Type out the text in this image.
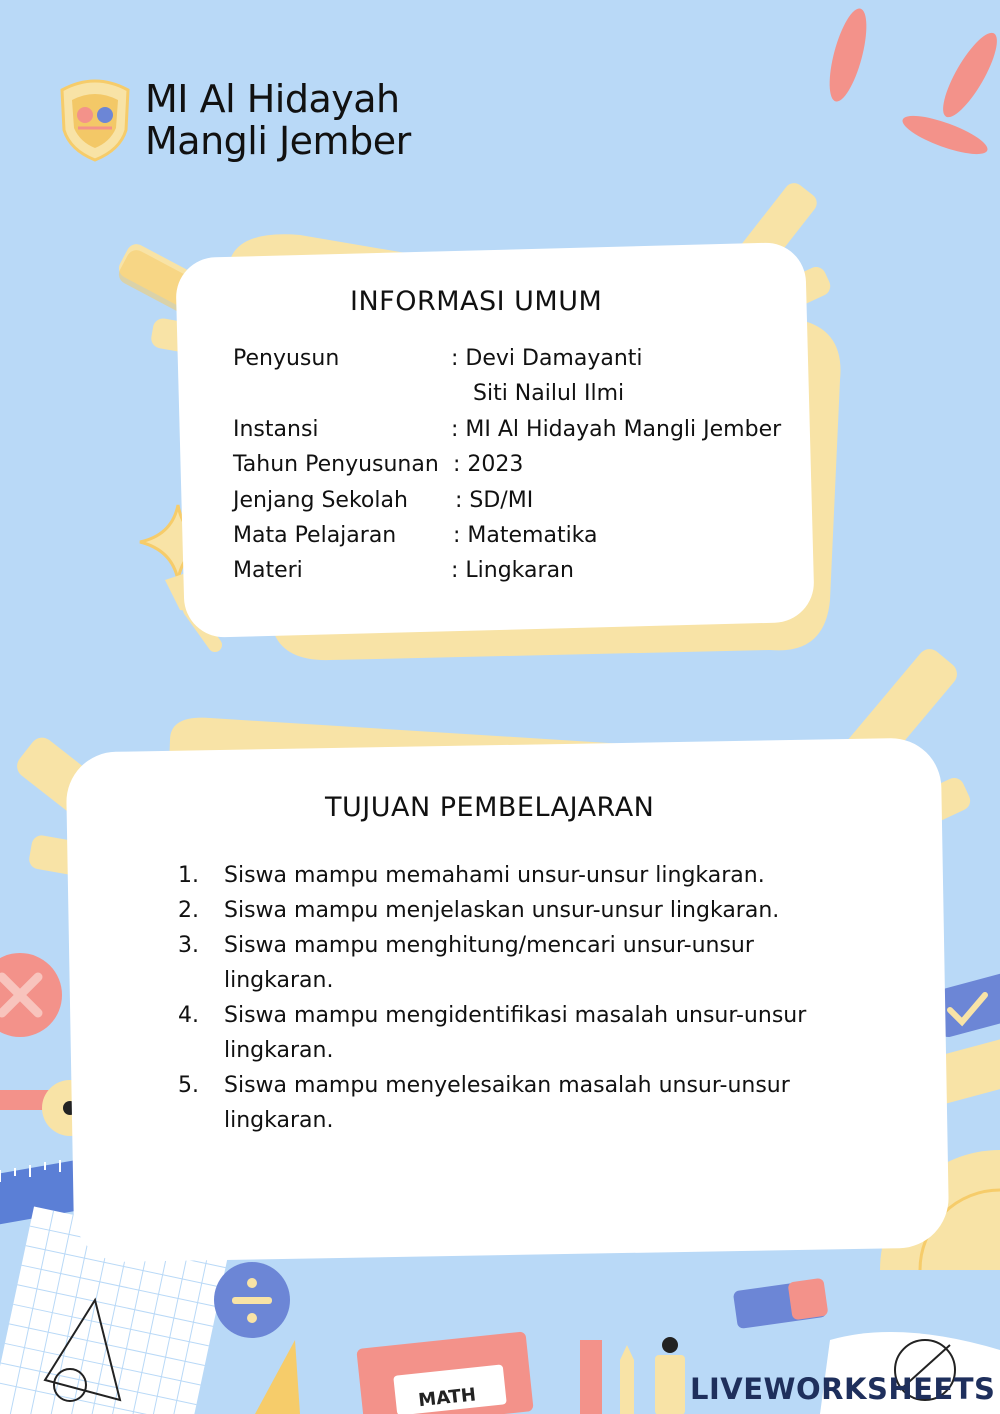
MATH
MI Al Hidayah
Mangli Jember
INFORMASI UMUM
Penyusun	: Devi Damayanti
Siti Nailul Ilmi
Instansi	: MI Al Hidayah Mangli Jember
Tahun Penyusunan : 2023
Jenjang Sekolah : SD/MI
Mata Pelajaran	: Matematika
Materi	: Lingkaran
TUJUAN PEMBELAJARAN
1. Siswa mampu memahami unsur-unsur lingkaran.
2. Siswa mampu menjelaskan unsur-unsur lingkaran.
3. Siswa mampu menghitung/mencari unsur-unsur lingkaran.
4. Siswa mampu mengidentifikasi masalah unsur-unsur lingkaran.
5. Siswa mampu menyelesaikan masalah unsur-unsur lingkaran.
LIVEWORKSHEETS
